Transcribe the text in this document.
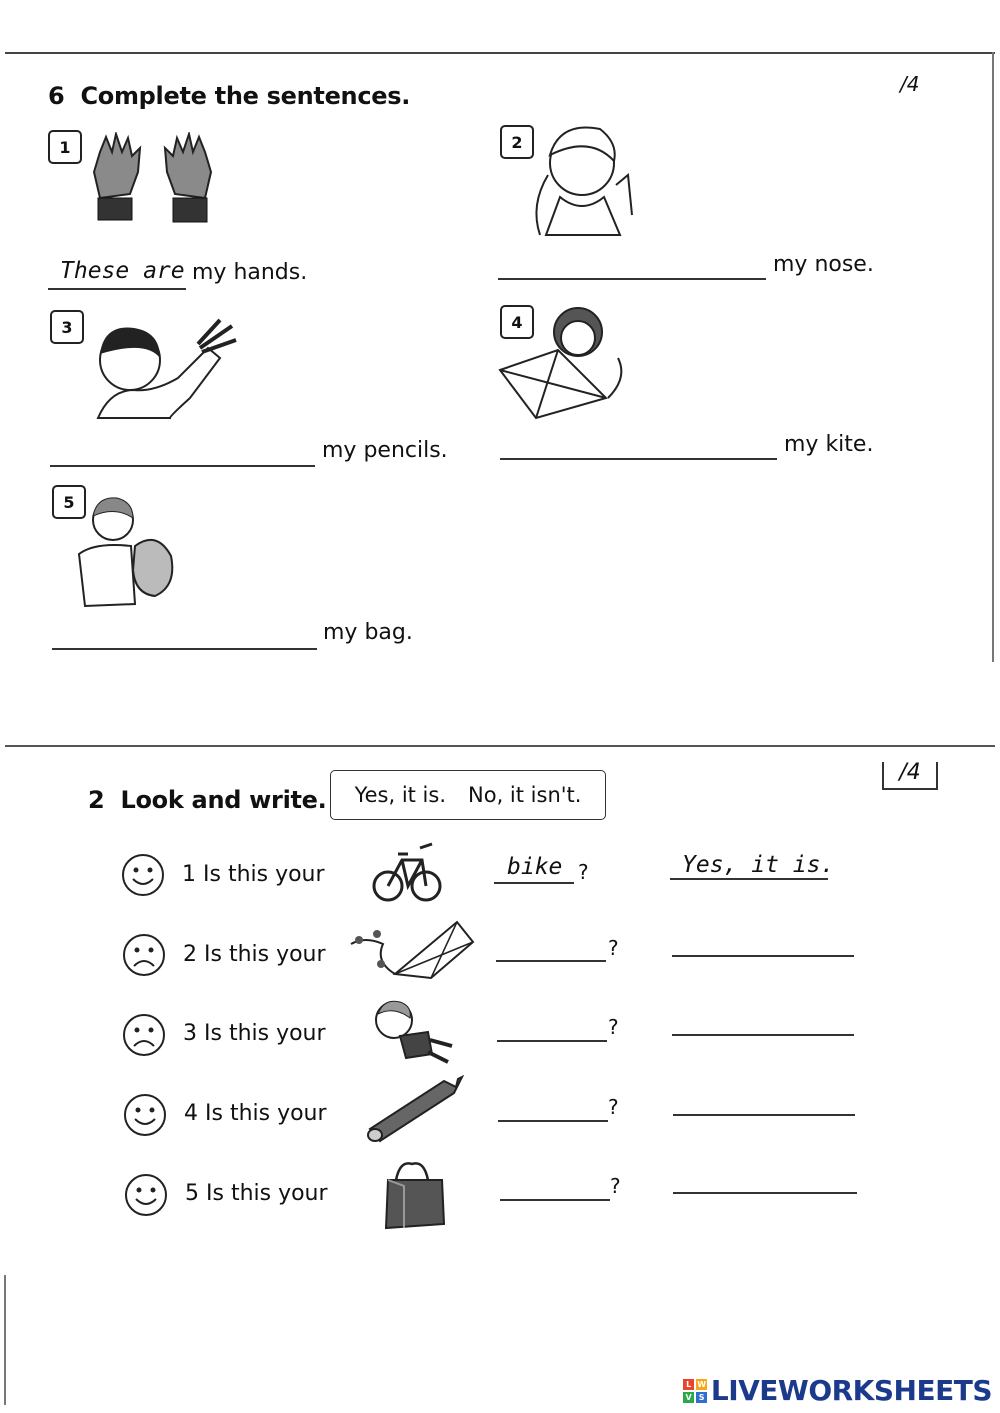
6 Complete the sentences.	/4
1
These are my hands.
2
my nose.
3
my pencils.
4
my kite.
5
my bag.
2 Look and write. Yes, it is. No, it isn't.
/4
1 Is this your	bike ?	Yes, it is.
2 Is this your	?
3 Is this your	?
4 Is this your	?
5 Is this your	?
L W
V S LIVEWORKSHEETS
